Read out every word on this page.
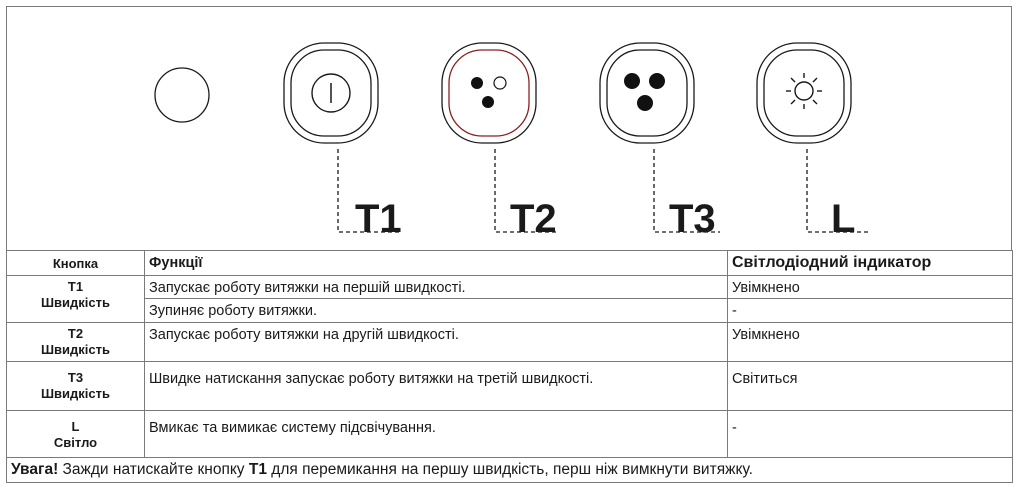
T1	T2	T3	L
Кнопка	Функції	Світлодіодний індикатор
T1
Швидкість	Запускає роботу витяжки на першій швидкості.	Увімкнено
	Зупиняє роботу витяжки.	-
T2
Швидкість	Запускає роботу витяжки на другій швидкості.	Увімкнено
T3
Швидкість	Швидке натискання запускає роботу витяжки на третій швидкості.	Світиться
L
Світло	Вмикає та вимикає систему підсвічування.	-
Увага! Зажди натискайте кнопку T1 для перемикання на першу швидкість, перш ніж вимкнути витяжку.		
